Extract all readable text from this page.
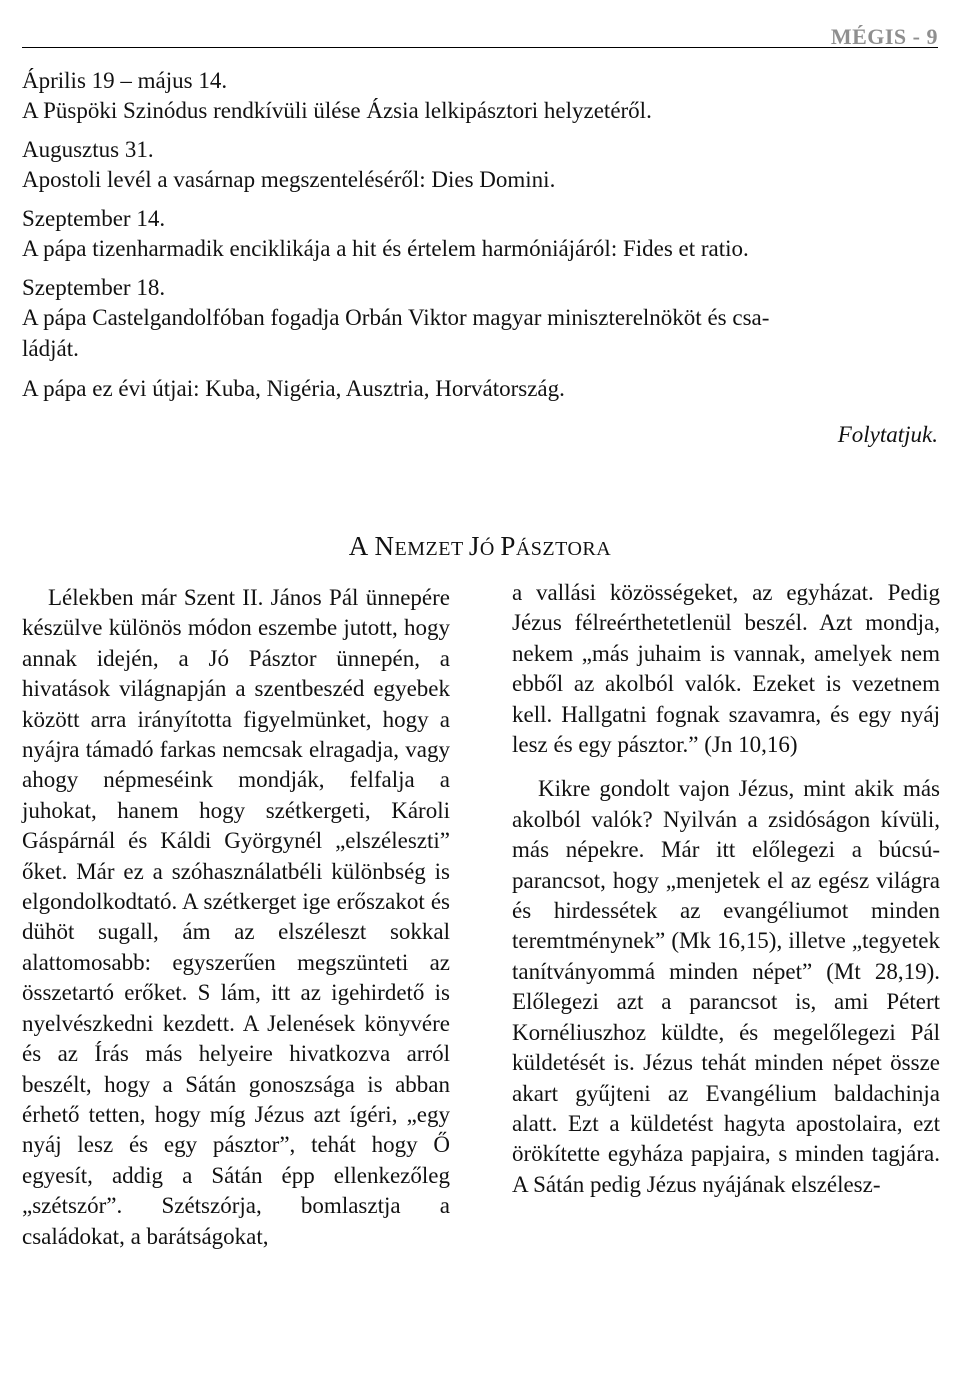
MÉGIS - 9
Április 19 – május 14.
A Püspöki Szinódus rendkívüli ülése Ázsia lelkipásztori helyzetéről.
Augusztus 31.
Apostoli levél a vasárnap megszenteléséről: Dies Domini.
Szeptember 14.
A pápa tizenharmadik enciklikája a hit és értelem harmóniájáról: Fides et ratio.
Szeptember 18.
A pápa Castelgandolfóban fogadja Orbán Viktor magyar miniszterelnököt és csa-
ládját.
A pápa ez évi útjai: Kuba, Nigéria, Ausztria, Horvátország.
Folytatjuk.
A NEMZET JÓ PÁSZTORA

Lélekben már Szent II. János Pál ünnepére készülve különös módon eszembe jutott, hogy annak idején, a Jó Pásztor ünnepén, a hivatások világnapján a szentbeszéd egyebek között arra irányította figyelmünket, hogy a nyájra támadó farkas nemcsak elragadja, vagy ahogy népmeséink mondják, felfalja a juhokat, hanem hogy szétkergeti, Károli Gáspárnál és Káldi Györgynél „elszéleszti” őket. Már ez a szóhasználatbéli különbség is elgondolkodtató. A szétkerget ige erőszakot és dühöt sugall, ám az elszéleszt sokkal alattomosabb: egyszerűen megszünteti az összetartó erőket. S lám, itt az igehirdető is nyelvészkedni kezdett. A Jelenések könyvére és az Írás más helyeire hivatkozva arról beszélt, hogy a Sátán gonoszsága is abban érhető tetten, hogy míg Jézus azt ígéri, „egy nyáj lesz és egy pásztor”, tehát hogy Ő egyesít, addig a Sátán épp ellenkezőleg „szétszór”. Szétszórja, bomlasztja a családokat, a barátságokat,

a vallási közösségeket, az egyházat. Pedig Jézus félreérthetetlenül beszél. Azt mondja, nekem „más juhaim is vannak, amelyek nem ebből az akolból valók. Ezeket is vezetnem kell. Hallgatni fognak szavamra, és egy nyáj lesz és egy pásztor.” (Jn 10,16)

Kikre gondolt vajon Jézus, mint akik más akolból valók? Nyilván a zsidóságon kívüli, más népekre. Már itt előlegezi a búcsú-parancsot, hogy „menjetek el az egész világra és hirdessétek az evangéliumot minden teremtménynek” (Mk 16,15), illetve „tegyetek tanítványommá minden népet” (Mt 28,19). Előlegezi azt a parancsot is, ami Pétert Kornéliuszhoz küldte, és megelőlegezi Pál küldetését is. Jézus tehát minden népet össze akart gyűjteni az Evangélium baldachinja alatt. Ezt a küldetést hagyta apostolaira, ezt örökítette egyháza papjaira, s minden tagjára. A Sátán pedig Jézus nyájának elszélesz-
